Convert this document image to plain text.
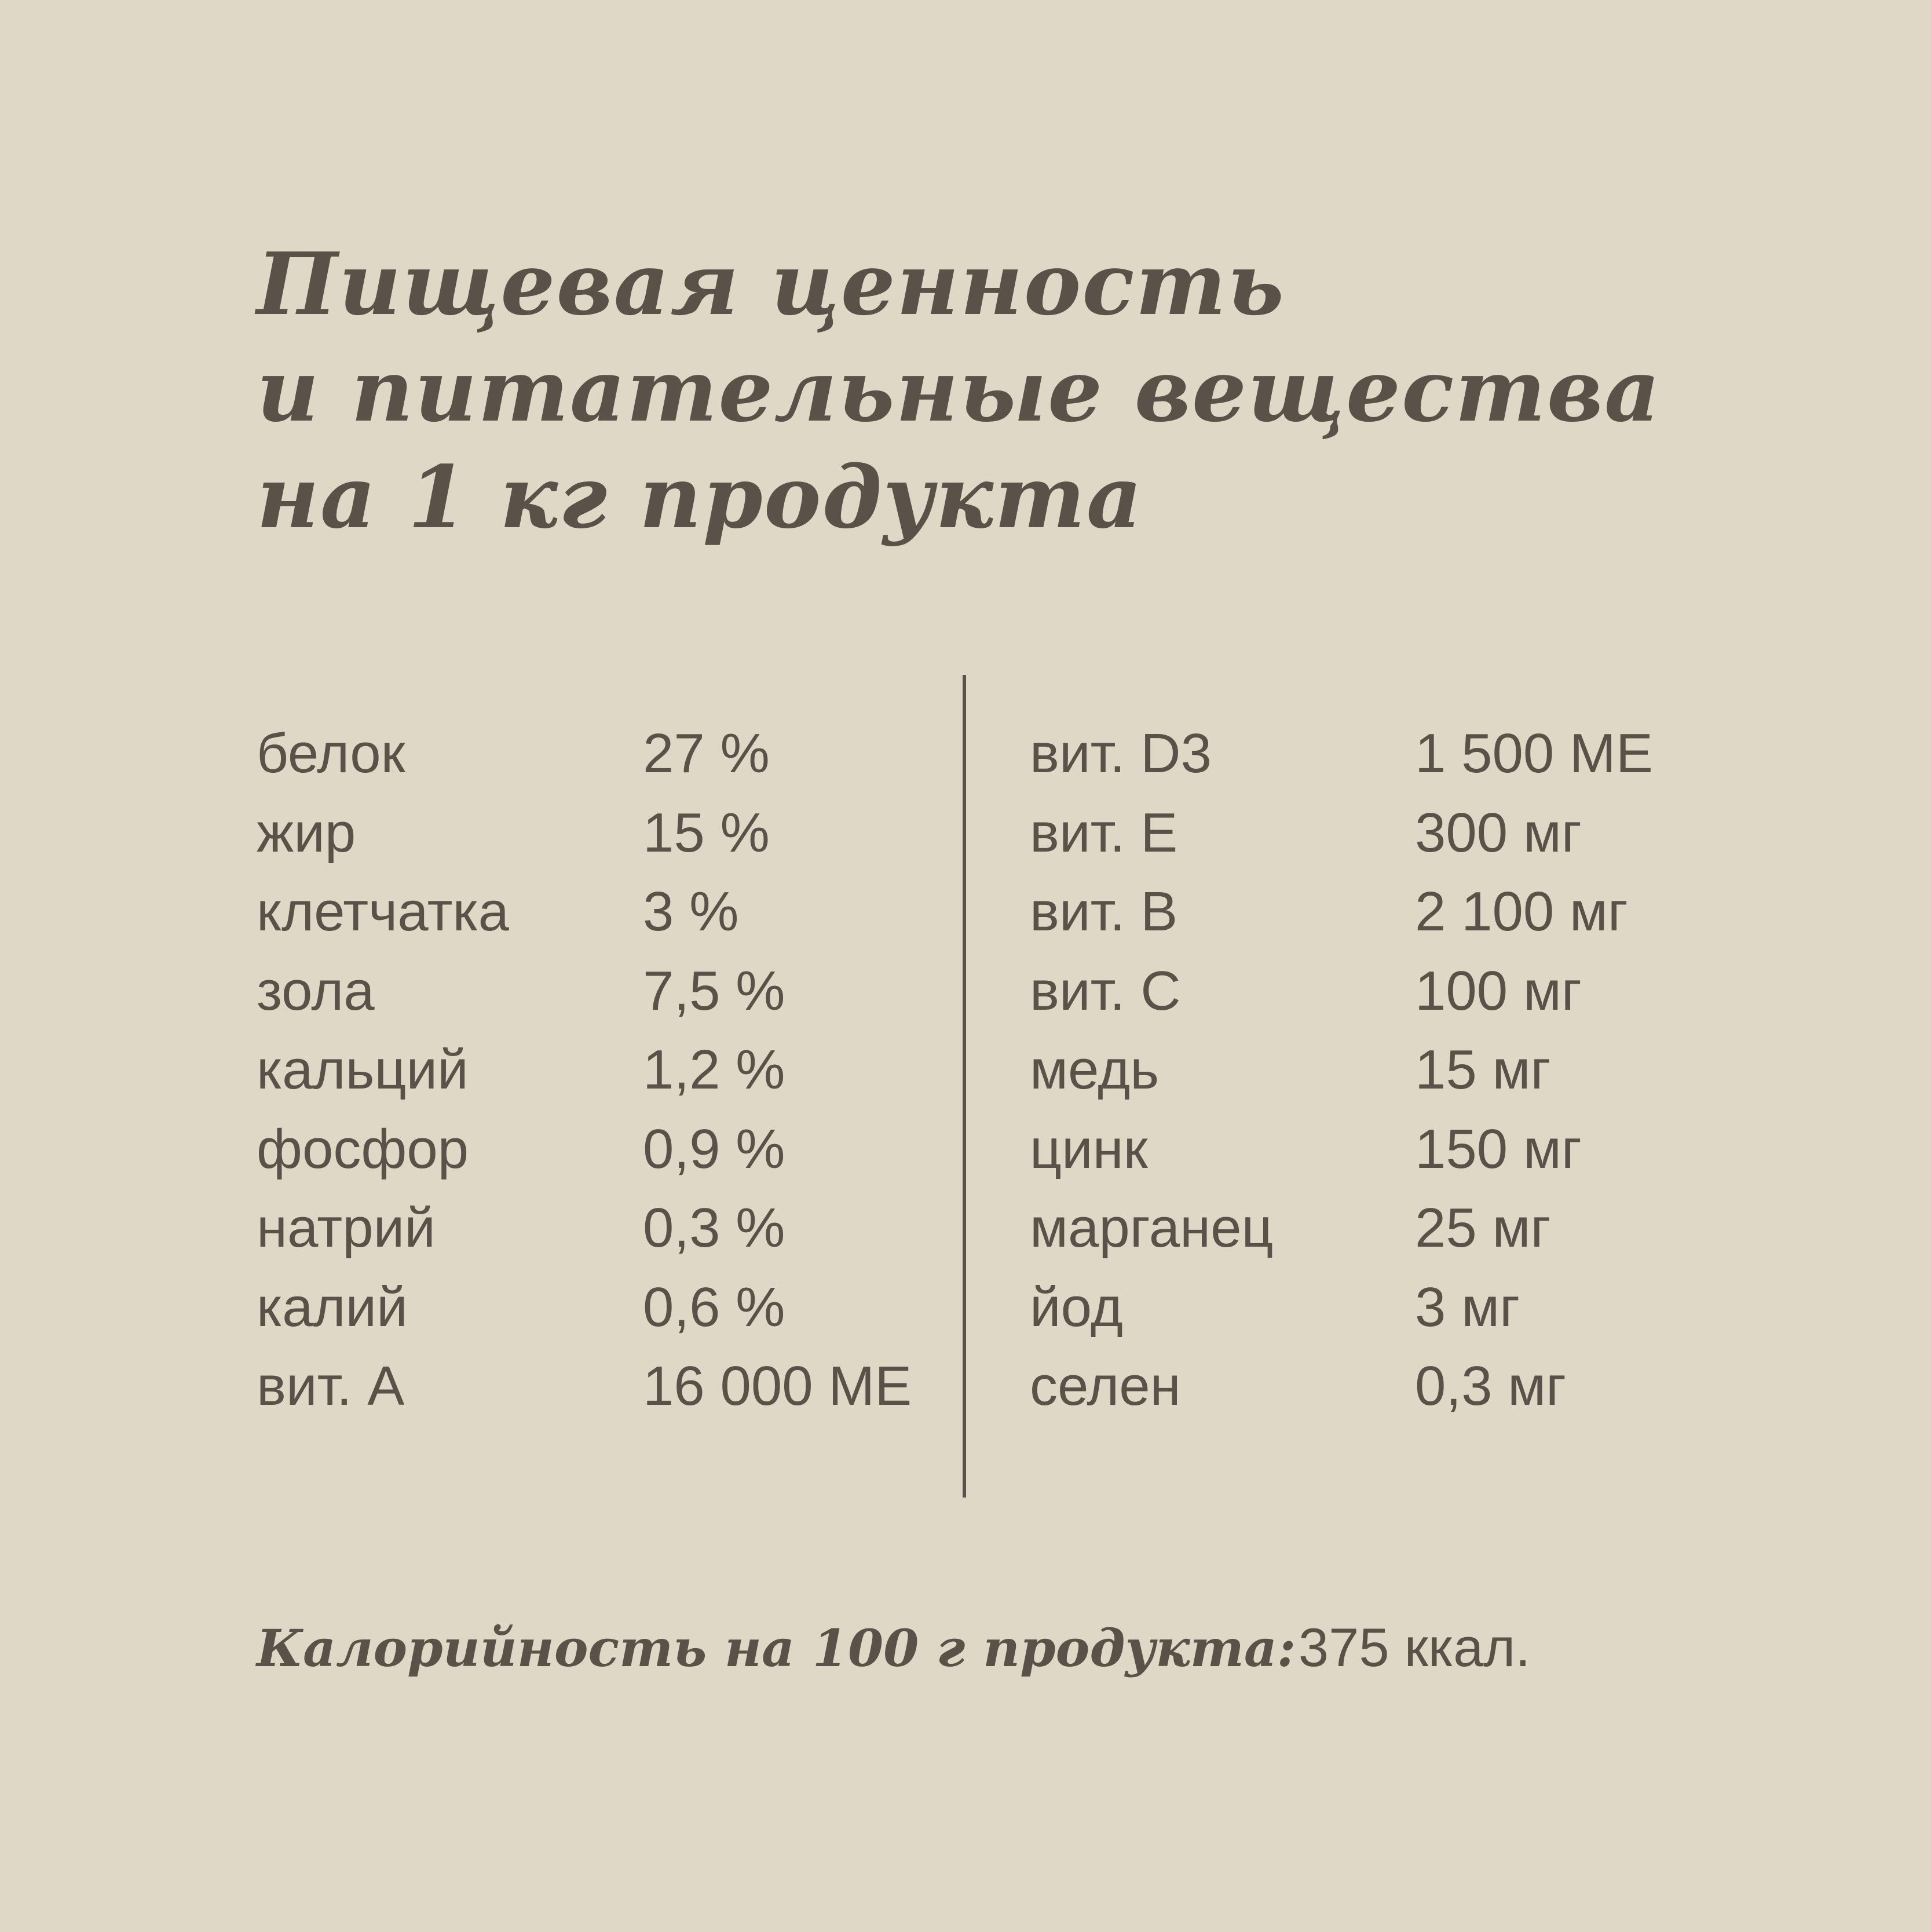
Пищевая ценность
и питательные вещества
на 1 кг продукта
белок	27 %
жир	15 %
клетчатка 3 %
зола	7,5 %
кальций	1,2 %
фосфор	0,9 %
натрий	0,3 %
калий	0,6 %
вит. А	16 000 МЕ
вит. D3	1 500 МЕ
вит. Е	300 мг
вит. В	2 100 мг
вит. С	100 мг
медь	15 мг
цинк	150 мг
марганец	25 мг
йод	3 мг
селен	0,3 мг
Калорийность на 100 г продукта: 375 ккал.
